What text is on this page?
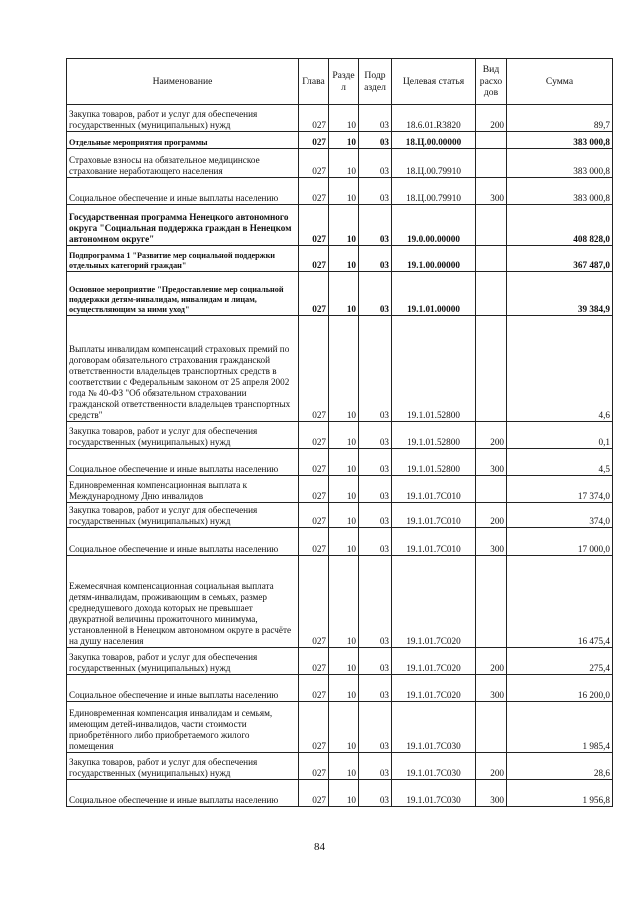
Наименование	Глава	Разде л	Подр аздел	Целевая статья	Вид расхо дов	Сумма
Закупка товаров, работ и услуг для обеспечения государственных (муниципальных) нужд	027	10	03	18.6.01.R3820	200	89,7
Отдельные мероприятия программы	027	10	03	18.Ц.00.00000		383 000,8
Страховые взносы на обязательное медицинское страхование неработающего населения	027	10	03	18.Ц.00.79910		383 000,8
Социальное обеспечение и иные выплаты населению	027	10	03	18.Ц.00.79910	300	383 000,8
Государственная программа Ненецкого автономного округа "Социальная поддержка граждан в Ненецком автономном округе"	027	10	03	19.0.00.00000		408 828,0
Подпрограмма 1 "Развитие мер социальной поддержки отдельных категорий граждан"	027	10	03	19.1.00.00000		367 487,0
Основное мероприятие "Предоставление мер социальной поддержки детям-инвалидам, инвалидам и лицам, осуществляющим за ними уход"	027	10	03	19.1.01.00000		39 384,9
Выплаты инвалидам компенсаций страховых премий по договорам обязательного страхования гражданской ответственности владельцев транспортных средств в соответствии с Федеральным законом от 25 апреля 2002 года № 40-ФЗ "Об обязательном страховании гражданской ответственности владельцев транспортных средств"	027	10	03	19.1.01.52800		4,6
Закупка товаров, работ и услуг для обеспечения государственных (муниципальных) нужд	027	10	03	19.1.01.52800	200	0,1
Социальное обеспечение и иные выплаты населению	027	10	03	19.1.01.52800	300	4,5
Единовременная компенсационная выплата к Международному Дню инвалидов	027	10	03	19.1.01.7С010		17 374,0
Закупка товаров, работ и услуг для обеспечения государственных (муниципальных) нужд	027	10	03	19.1.01.7С010	200	374,0
Социальное обеспечение и иные выплаты населению	027	10	03	19.1.01.7С010	300	17 000,0
Ежемесячная компенсационная социальная выплата детям-инвалидам, проживающим в семьях, размер среднедушевого дохода которых не превышает двукратной величины прожиточного минимума, установленной в Ненецком автономном округе в расчёте на душу населения	027	10	03	19.1.01.7С020		16 475,4
Закупка товаров, работ и услуг для обеспечения государственных (муниципальных) нужд	027	10	03	19.1.01.7С020	200	275,4
Социальное обеспечение и иные выплаты населению	027	10	03	19.1.01.7С020	300	16 200,0
Единовременная компенсация инвалидам и семьям, имеющим детей-инвалидов, части стоимости приобретённого либо приобретаемого жилого помещения	027	10	03	19.1.01.7С030		1 985,4
Закупка товаров, работ и услуг для обеспечения государственных (муниципальных) нужд	027	10	03	19.1.01.7С030	200	28,6
Социальное обеспечение и иные выплаты населению	027	10	03	19.1.01.7С030	300	1 956,8
84
